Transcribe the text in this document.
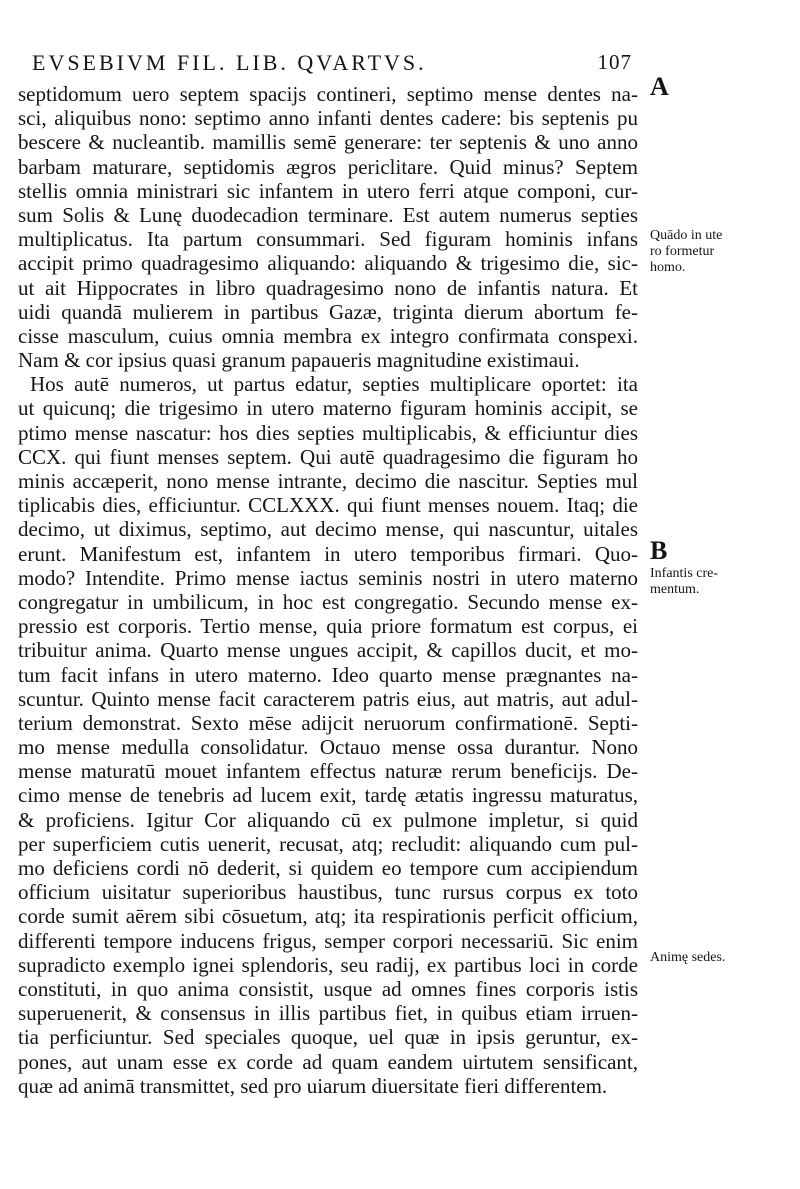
EVSEBIVM FIL. LIB. QVARTVS.	107
septidomum uero septem spacijs contineri, septimo mense dentes na-
sci, aliquibus nono: septimo anno infanti dentes cadere: bis septenis pu
bescere & nucleantib. mamillis semē generare: ter septenis & uno anno
barbam maturare, septidomis ægros periclitare. Quid minus? Septem
stellis omnia ministrari sic infantem in utero ferri atque componi, cur-
sum Solis & Lunę duodecadion terminare. Est autem numerus septies
multiplicatus. Ita partum consummari. Sed figuram hominis infans
accipit primo quadragesimo aliquando: aliquando & trigesimo die, sic-
ut ait Hippocrates in libro quadragesimo nono de infantis natura. Et
uidi quandā mulierem in partibus Gazæ, triginta dierum abortum fe-
cisse masculum, cuius omnia membra ex integro confirmata conspexi.
Nam & cor ipsius quasi granum papaueris magnitudine existimaui.
Hos autē numeros, ut partus edatur, septies multiplicare oportet: ita
ut quicunq; die trigesimo in utero materno figuram hominis accipit, se
ptimo mense nascatur: hos dies septies multiplicabis, & efficiuntur dies
CCX. qui fiunt menses septem. Qui autē quadragesimo die figuram ho
minis accæperit, nono mense intrante, decimo die nascitur. Septies mul
tiplicabis dies, efficiuntur. CCLXXX. qui fiunt menses nouem. Itaq; die
decimo, ut diximus, septimo, aut decimo mense, qui nascuntur, uitales
erunt. Manifestum est, infantem in utero temporibus firmari. Quo-
modo? Intendite. Primo mense iactus seminis nostri in utero materno
congregatur in umbilicum, in hoc est congregatio. Secundo mense ex-
pressio est corporis. Tertio mense, quia priore formatum est corpus, ei
tribuitur anima. Quarto mense ungues accipit, & capillos ducit, et mo-
tum facit infans in utero materno. Ideo quarto mense prægnantes na-
scuntur. Quinto mense facit caracterem patris eius, aut matris, aut adul-
terium demonstrat. Sexto mēse adijcit neruorum confirmationē. Septi-
mo mense medulla consolidatur. Octauo mense ossa durantur. Nono
mense maturatū mouet infantem effectus naturæ rerum beneficijs. De-
cimo mense de tenebris ad lucem exit, tardę ætatis ingressu maturatus,
& proficiens. Igitur Cor aliquando cū ex pulmone impletur, si quid
per superficiem cutis uenerit, recusat, atq; recludit: aliquando cum pul-
mo deficiens cordi nō dederit, si quidem eo tempore cum accipiendum
officium uisitatur superioribus haustibus, tunc rursus corpus ex toto
corde sumit aērem sibi cōsuetum, atq; ita respirationis perficit officium,
differenti tempore inducens frigus, semper corpori necessariū. Sic enim
supradicto exemplo ignei splendoris, seu radij, ex partibus loci in corde
constituti, in quo anima consistit, usque ad omnes fines corporis istis
superuenerit, & consensus in illis partibus fiet, in quibus etiam irruen-
tia perficiuntur. Sed speciales quoque, uel quæ in ipsis geruntur, ex-
pones, aut unam esse ex corde ad quam eandem uirtutem sensificant,
quæ ad animā transmittet, sed pro uiarum diuersitate fieri differentem.
A
Quādo in ute
ro formetur
homo.
B
Infantis cre-
mentum.
Animę sedes.
